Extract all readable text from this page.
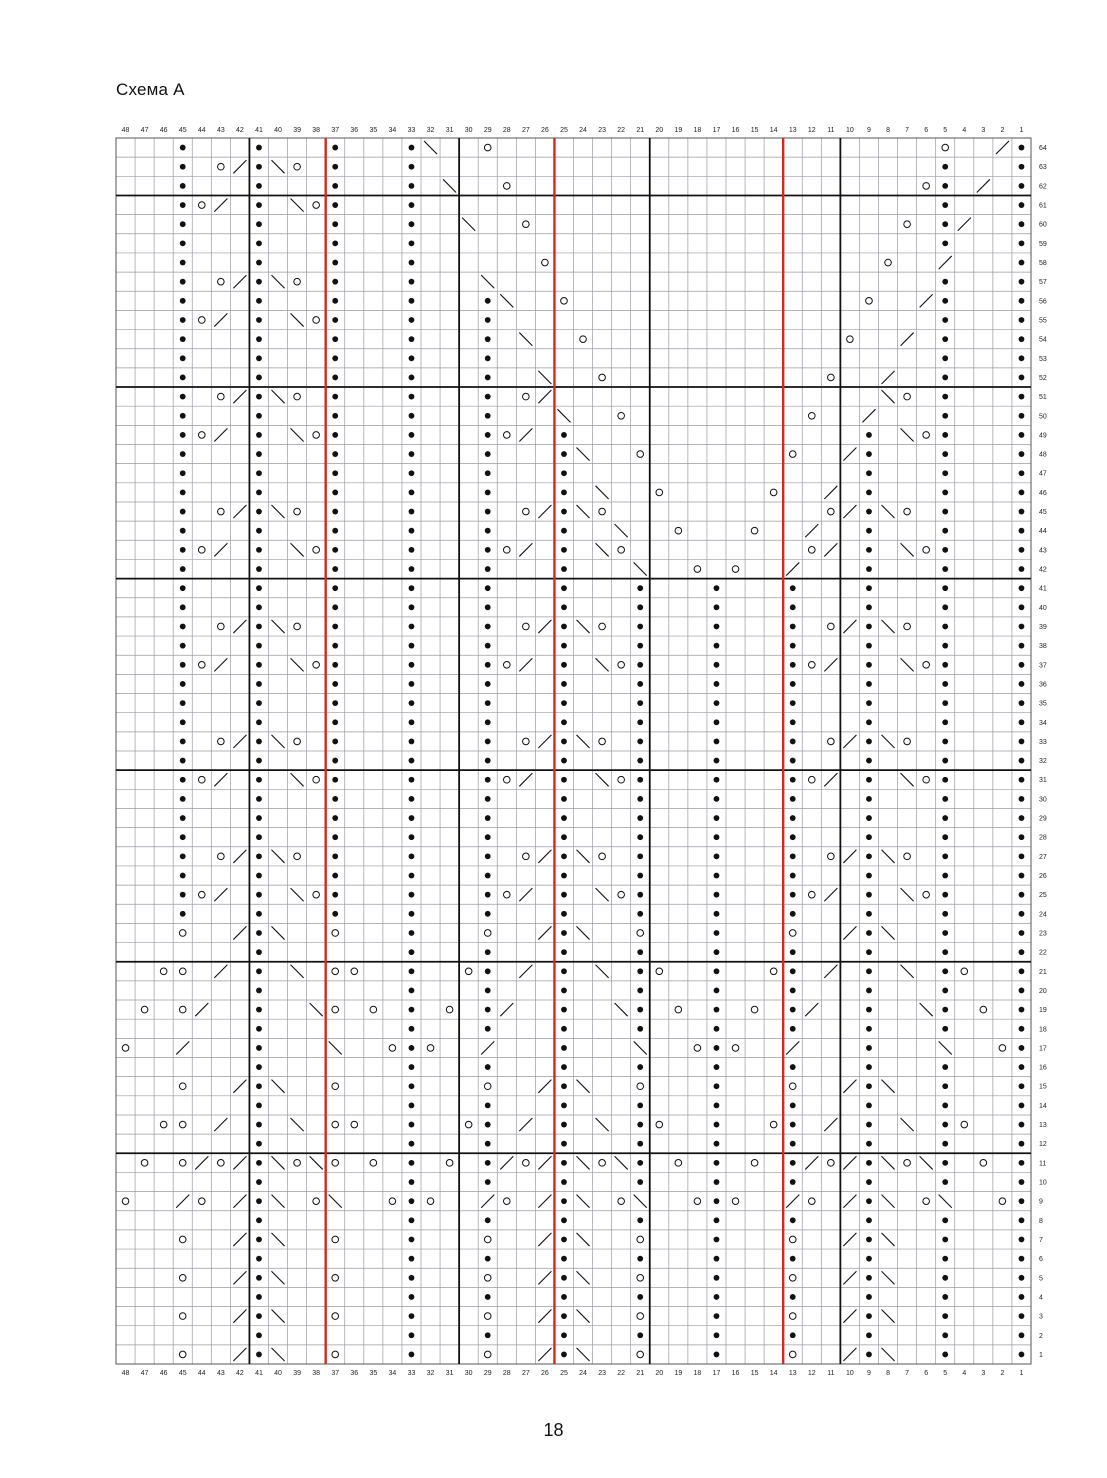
Схема А
48
48
47
47
46
46
45
45
44
44
43
43
42
42
41
41
40
40
39
39
38
38
37
37
36
36
35
35
34
34
33
33
32
32
31
31
30
30
29
29
28
28
27
27
26
26
25
25
24
24
23
23
22
22
21
21
20
20
19
19
18
18
17
17
16
16
15
15
14
14
13
13
12
12
11
11
10
10
9
9
8
8
7
7
6
6
5
5
4
4
3
3
2
2
1
1
64
63
62
61
60
59
58
57
56
55
54
53
52
51
50
49
48
47
46
45
44
43
42
41
40
39
38
37
36
35
34
33
32
31
30
29
28
27
26
25
24
23
22
21
20
19
18
17
16
15
14
13
12
11
10
9
8
7
6
5
4
3
2
1
18
